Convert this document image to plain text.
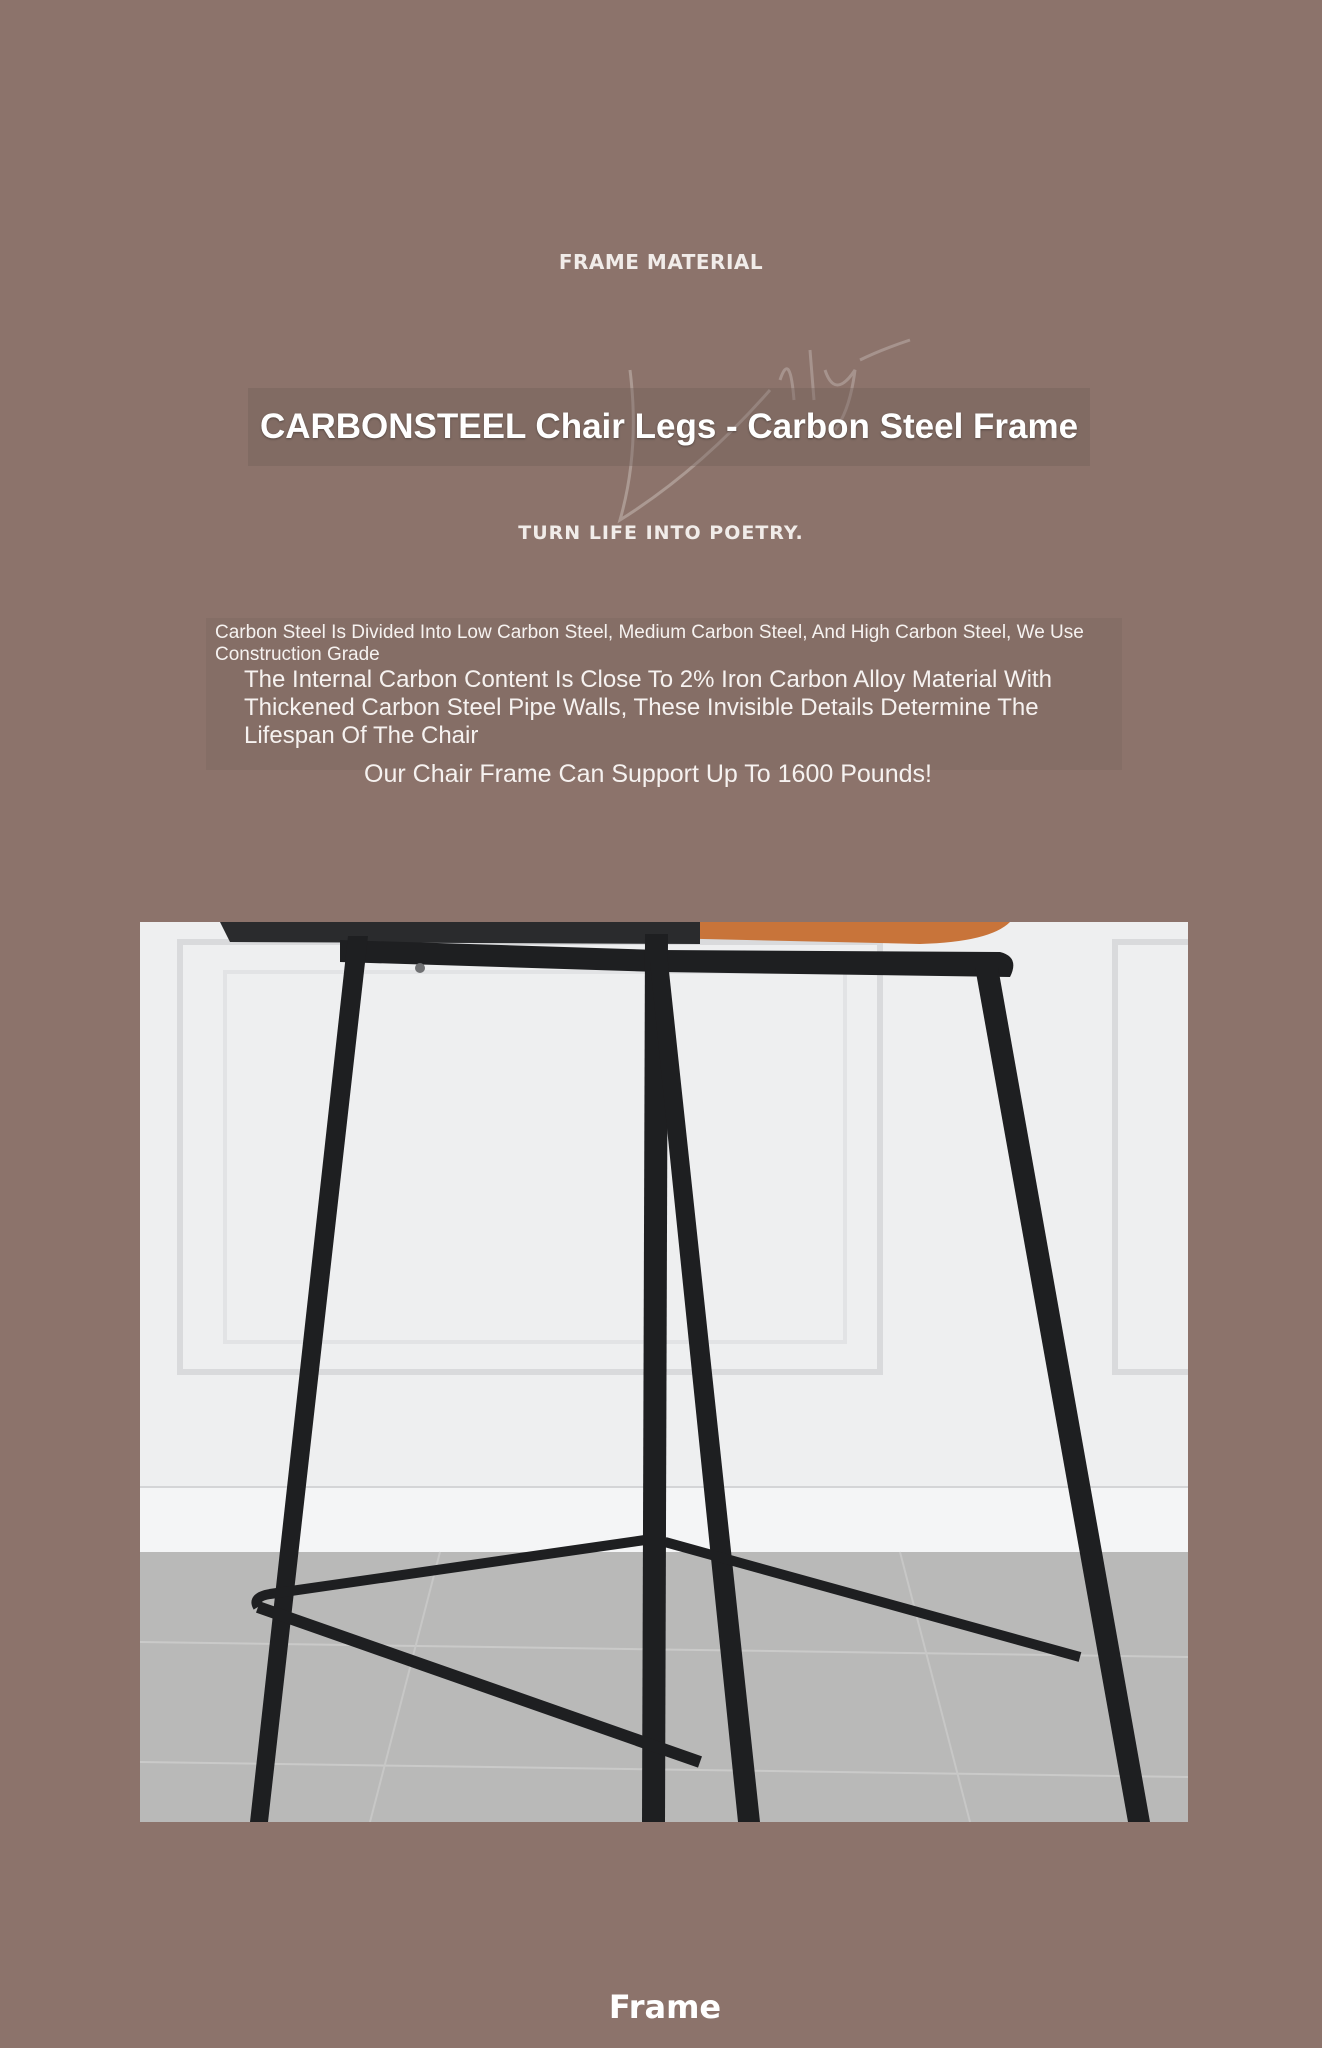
FRAME MATERIAL
CARBONSTEEL Chair Legs - Carbon Steel Frame
TURN LIFE INTO POETRY.
Carbon Steel Is Divided Into Low Carbon Steel, Medium Carbon Steel, And High Carbon Steel, We Use Construction Grade
The Internal Carbon Content Is Close To 2% Iron Carbon Alloy Material With Thickened Carbon Steel Pipe Walls, These Invisible Details Determine The Lifespan Of The Chair
Our Chair Frame Can Support Up To 1600 Pounds!
Frame
